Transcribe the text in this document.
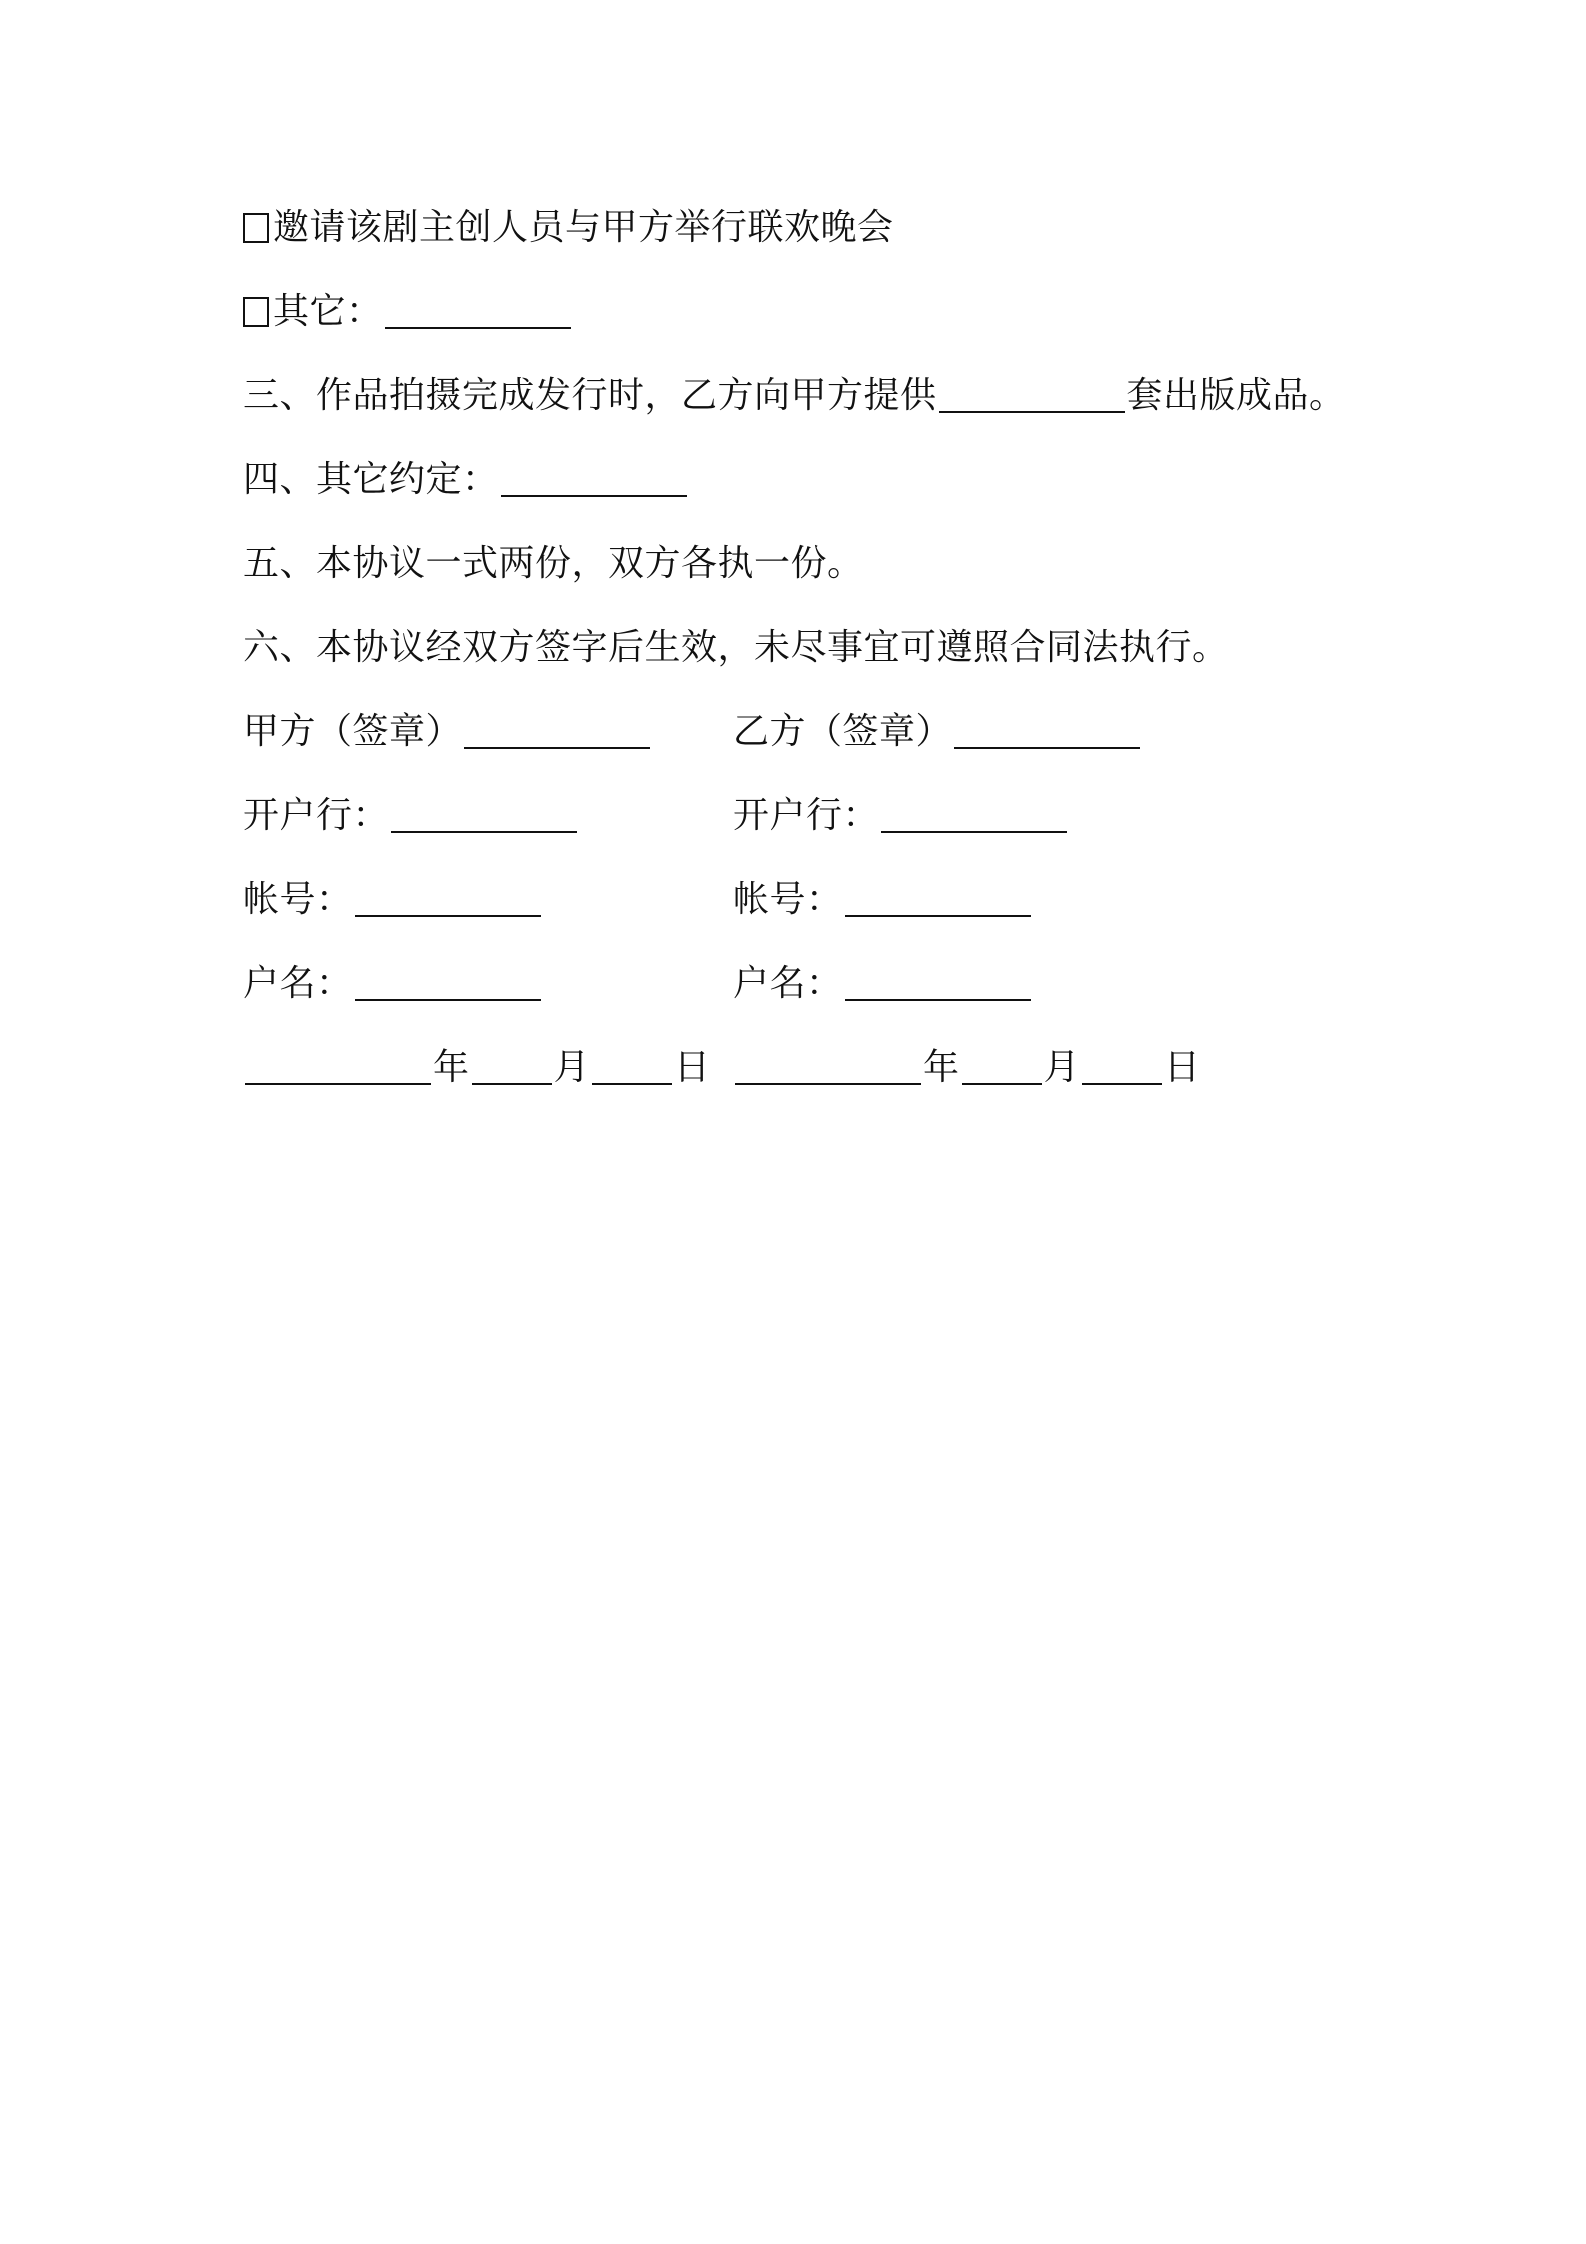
邀请该剧主创人员与甲方举行联欢晚会
其它：
三、作品拍摄完成发行时，乙方向甲方提供	套出版成品。
四、其它约定：
五、本协议一式两份，双方各执一份。
六、本协议经双方签字后生效，未尽事宜可遵照合同法执行。
甲方（签章）	乙方（签章）
开户行：	开户行：
帐号：	帐号：
户名：	户名：
年 月 日	年 月 日
